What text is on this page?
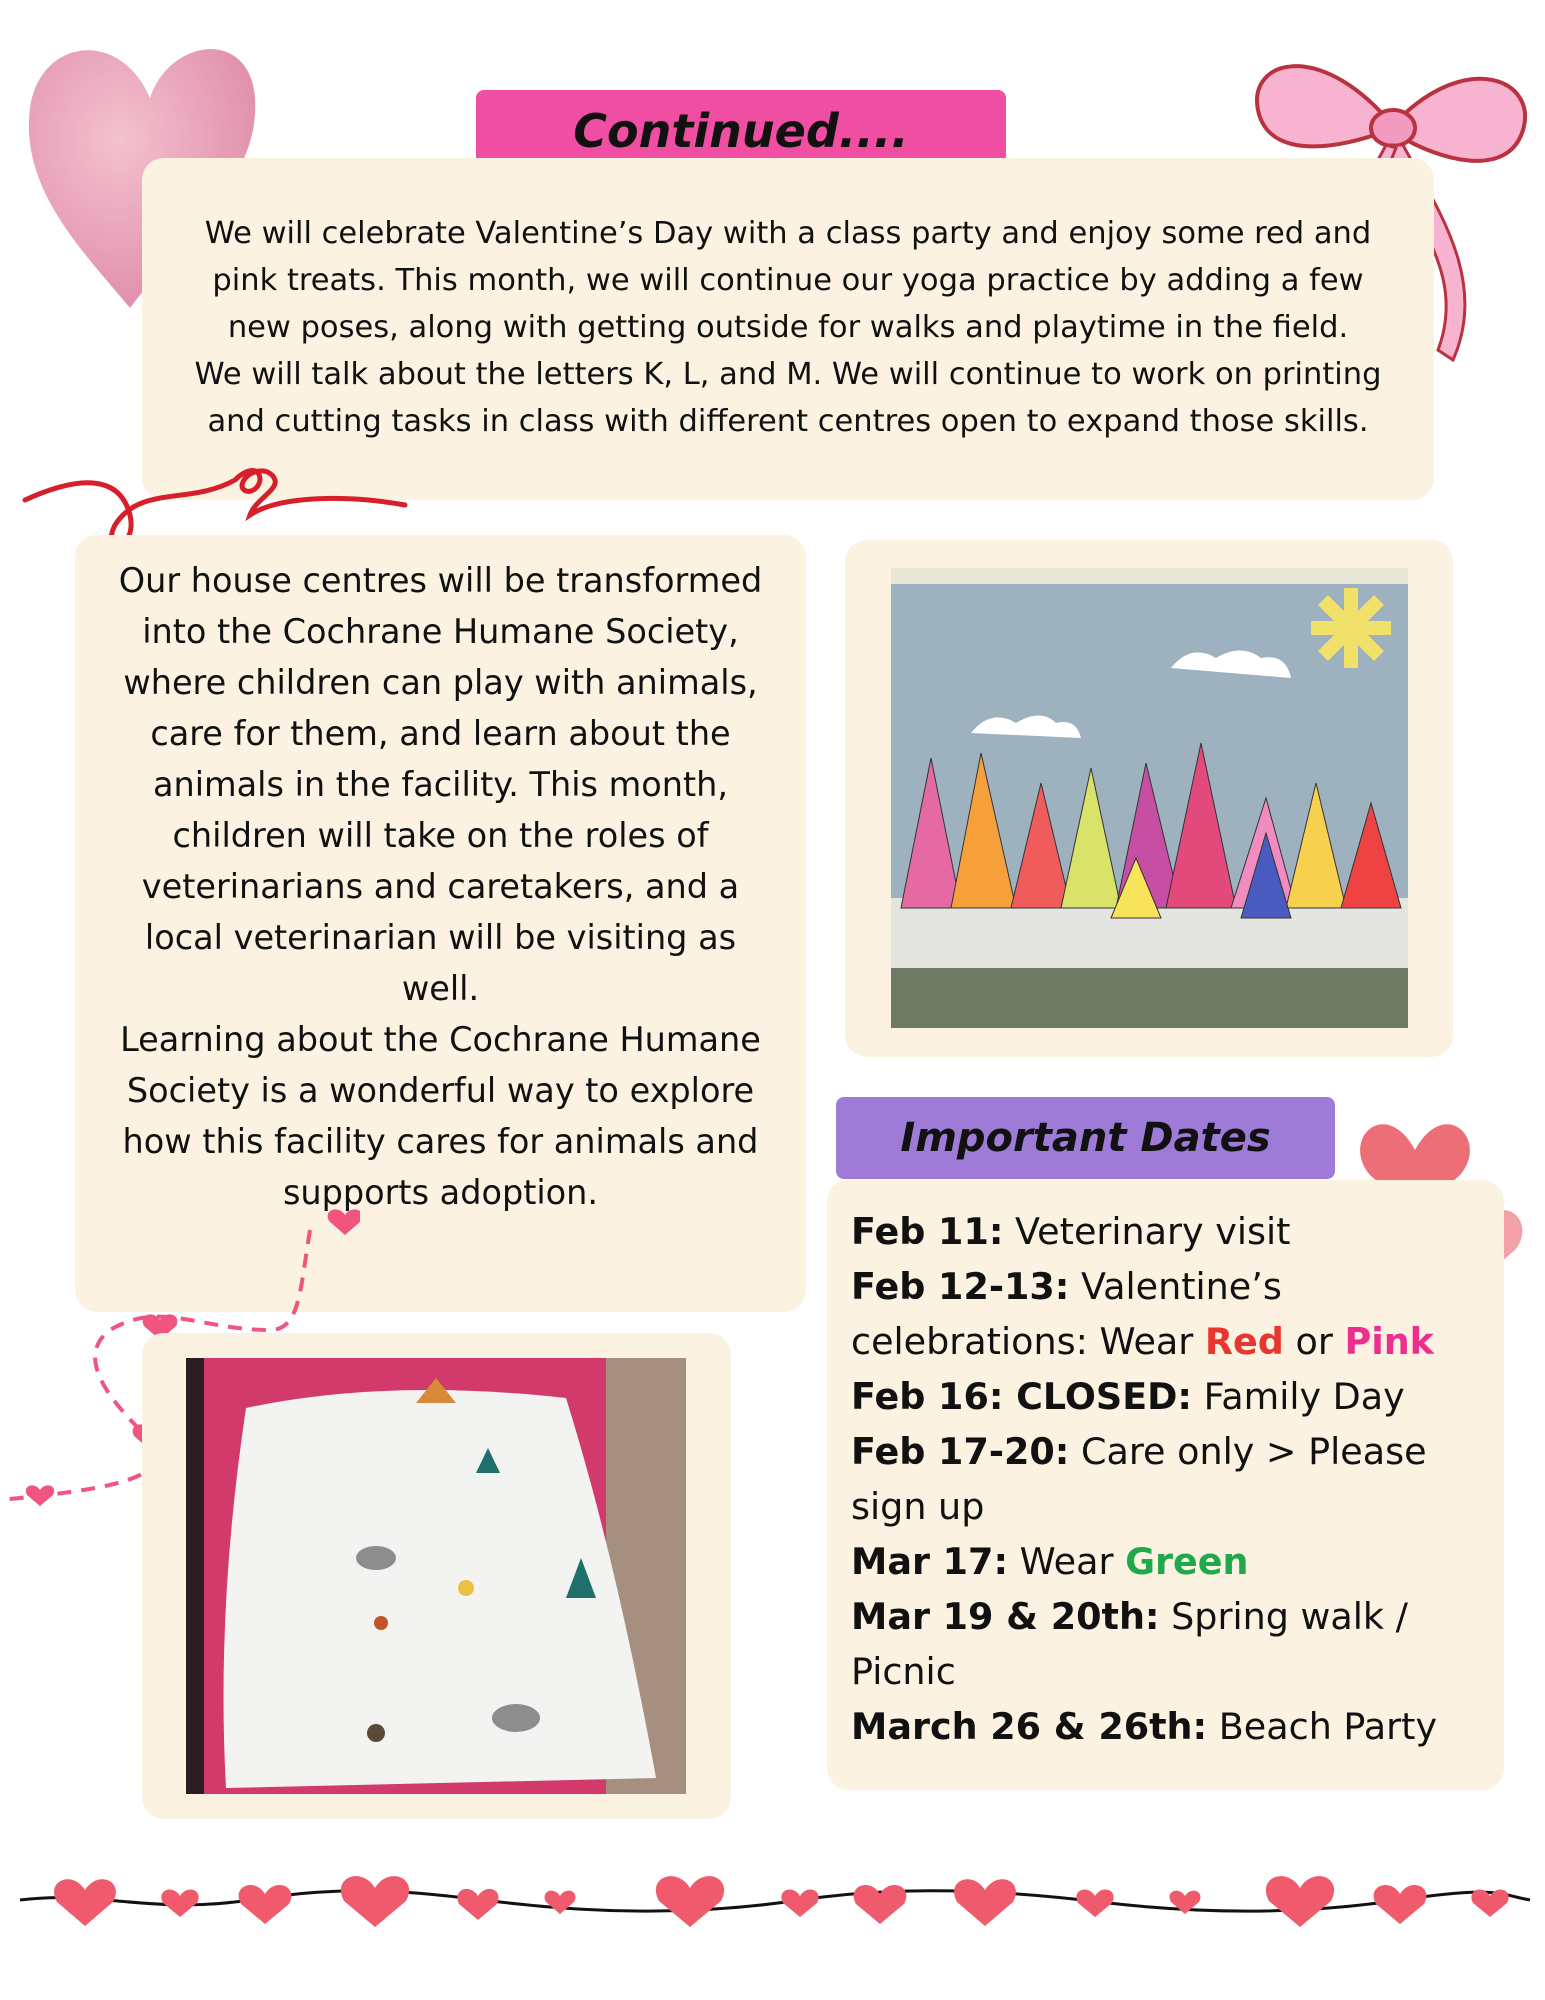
Continued....
We will celebrate Valentine’s Day with a class party and enjoy some red and
pink treats. This month, we will continue our yoga practice by adding a few
new poses, along with getting outside for walks and playtime in the field.
We will talk about the letters K, L, and M. We will continue to work on printing
and cutting tasks in class with different centres open to expand those skills.
Our house centres will be transformed
into the Cochrane Humane Society,
where children can play with animals,
care for them, and learn about the
animals in the facility. This month,
children will take on the roles of
veterinarians and caretakers, and a
local veterinarian will be visiting as
well.
Learning about the Cochrane Humane
Society is a wonderful way to explore
how this facility cares for animals and
supports adoption.
Important Dates
Feb 11: Veterinary visit
Feb 12-13: Valentine’s celebrations: Wear Red or Pink
Feb 16: CLOSED: Family Day
Feb 17-20: Care only > Please sign up
Mar 17: Wear Green
Mar 19 & 20th: Spring walk / Picnic
March 26 & 26th: Beach Party
